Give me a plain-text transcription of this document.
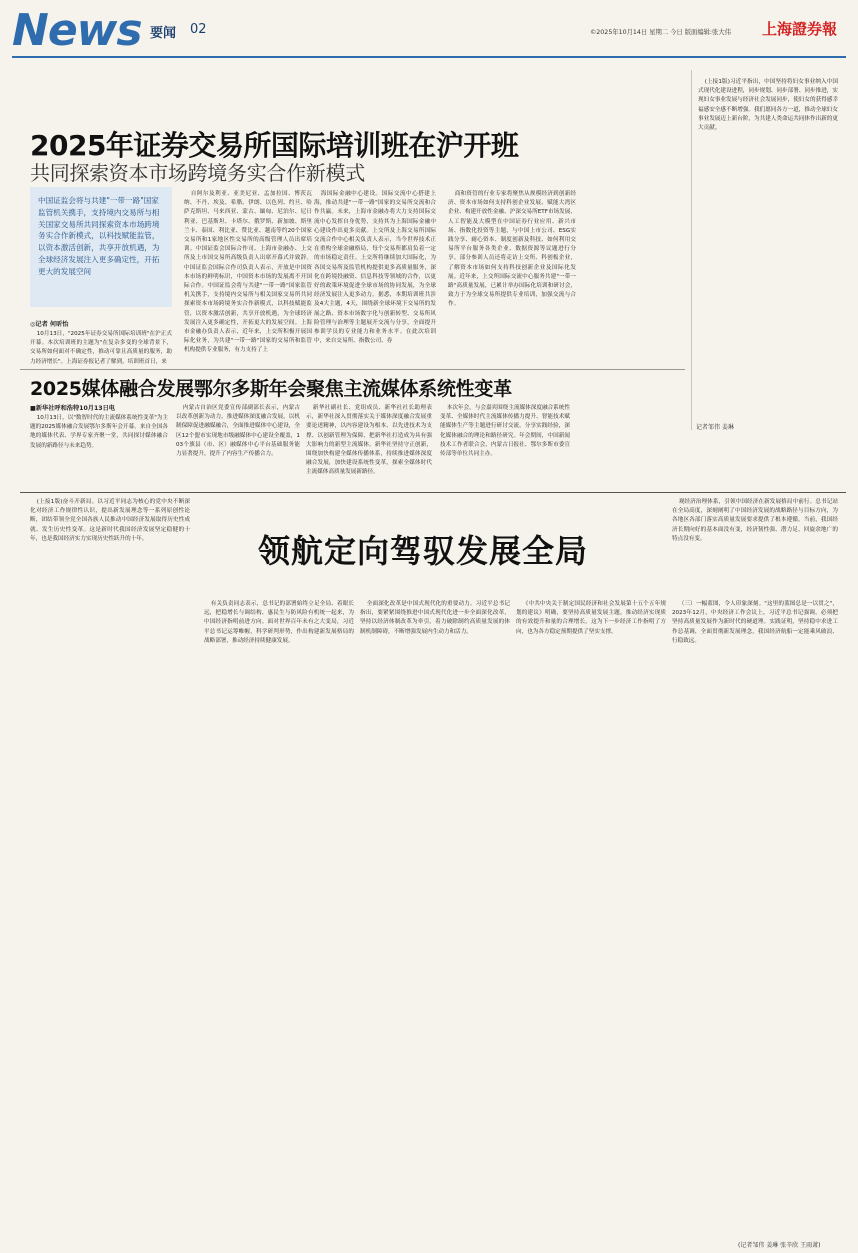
News 要闻 02	©2025年10月14日 星期二 今日 版面编辑:张大伟 上海證券報
2025年证券交易所国际培训班在沪开班
共同探索资本市场跨境务实合作新模式
中国证监会将与共建"一带一路"国家监管机关携手，支持境内交易所与相关国家交易所共同探索资本市场跨境务实合作新模式，以科技赋能监管，以资本激活创新，共享开放机遇，为全球经济发展注入更多确定性，开拓更大的发展空间
◎记者 何昕怡

10月13日，"2025年证券交易所国际培训班"在沪正式开幕。本次培训班的主题为"在复杂多变的全球背景下，交易所如何面对不确定性，推动可靠且高质量的服务，助力经济增长"。上海证券报记者了解到，培训班首日，来

自阿尔及利亚、亚美尼亚、孟加拉国、博茨瓦纳、不丹、埃及、希腊、伊朗、以色列、约旦、哈萨克斯坦、马来西亚、蒙古、缅甸、尼泊尔、尼日利亚、巴基斯坦、卡塔尔、俄罗斯、新加坡、斯里兰卡、泰国、利比亚、赞比亚、越南等约20个国家交易所和1家地区性交易所的高级管理人员出席培训。中国证监会国际合作司、上海市金融办、上交所及上市国交易所高级负责人出席开幕式并致辞。中国证监会国际合作司负责人表示，开放是中国资本市场的鲜明标识，中国资本市场的发展离不开国际合作。中国证监会将与共建"一带一路"国家监管机关携手，支持境内交易所与相关国家交易所共同探索资本市场跨境务实合作新模式，以科技赋能监管，以资本激活创新，共享开放机遇，为全球经济发展注入更多确定性，开拓更大的发展空间。上海市金融办负责人表示，近年来，上交所积极开展国际化业务，为共建"一带一路"国家的交易所和监管机构提供专业服务，有力支持了上

海国际金融中心建设。国际交流中心搭建上海，推动共建"一带一路"国家的交易所交流和合作共赢。未来，上海市金融办将大力支持国际交流中心发挥自身优势，支持其为上海国际金融中心建设作出更多贡献。上交所及上海交易所国际交流合作中心相关负责人表示，当今世界技术正在重构全球金融格局，每个交易所都肩负着一定的市场稳定责任。上交所将继续加大国际化，为各国交易所及监管机构提供更多高质量服务，深化在跨境投融资、信息科技等领域的合作，以更好的政策环境促进全球市场的协同发展，为全球经济发展注入更多动力。据悉，本期培训班共涉及4大主题，4天，围绕新全球环境下交易所的发展之路、资本市场数字化与创新转型、交易所风险管理与治理等主题展开交流与分享，全面提升参训学员的专业能力和业务水平。在此次培训中，来自交易所、指数公司、券

商和资管的行业专家将聚焦从规模经济到创新经济、资本市场如何支持科创企业发展、赋能大湾区企业、构建开放性金融、沪深交易所ETF市场发展、人工智能及大模型在中国证券行业应用、新兴市场、指数化投资等主题，与中国上市公司、ESG实践分享、耐心资本、制度创新及科技、如何利用交易所平台服务各类企业、数据资源等议题进行分享。部分参训人员还将走访上交所、科创板企业，了解资本市场如何支持科技创新企业及国际化发展。近年来，上交所国际交流中心服务共建"一带一路"高质量发展，已累计举办国际化培训和研讨会，致力于为全球交易所提供专业培训，加强交流与合作。

(上接1版)习近平指出，中国坚持将妇女事业纳入中国式现代化建设进程，同步规划、同步部署、同步推进，实现妇女事业发展与经济社会发展同步，使妇女的获得感幸福感安全感不断增强。我们愿同各方一道，推动全球妇女事业发展迈上新台阶，为共建人类命运共同体作出新的更大贡献。

记者邹伟 姜琳
2025媒体融合发展鄂尔多斯年会聚焦主流媒体系统性变革
■新华社呼和浩特10月13日电

10月13日，以"数智时代的主流媒体系统性变革"为主题的2025媒体融合发展鄂尔多斯年会开幕。来自全国各地的媒体代表、学界专家齐聚一堂，共同探讨媒体融合发展的新路径与未来趋势。

内蒙古自治区党委宣传部副部长表示，内蒙古以改革创新为动力，推进媒体深度融合发展，以机制保障促进融媒融合，全面推进媒体中心建设，全区12个盟市实现地市级融媒体中心建设全覆盖，103个旗县（市、区）融媒体中心平台基础服务能力显著提升，提升了内容生产传播合力。

新华社副社长、党组成员、新华社社长助理表示，新华社深入贯彻落实关于媒体深度融合发展重要论述精神，以内容建设为根本、以先进技术为支撑、以创新管理为保障，把新华社打造成为具有强大影响力的新型主流媒体。新华社坚持守正创新，围绕加快构建全媒体传播体系，持续推进媒体深度融合发展，加快建设系统性变革，探索全媒体时代主流媒体高质量发展新路径。

本次年会，与会嘉宾围绕主流媒体深度融合系统性变革、全媒体时代主流媒体传播力提升、智能技术赋能媒体生产等主题进行研讨交流，分享实践经验，深化媒体融合的理论和路径研究。年会期间，中国新闻技术工作者联合会、内蒙古日报社、鄂尔多斯市委宣传部等单位共同主办。

领航定向驾驭发展全局

(上接1版)奋斗开新局。以习近平同志为核心的党中央不断深化对经济工作规律性认识，提出新发展理念等一系列原创性论断，团结带领全党全国各族人民推动中国经济发展取得历史性成就、发生历史性变革。这是新时代我国经济发展坚定稳健的十年，也是我国经济实力实现历史性跃升的十年。

有关负责同志表示，总书记的部署始终立足全局、着眼长远，把稳增长与调结构、惠民生与防风险有机统一起来，为中国经济指明前进方向。面对世界百年未有之大变局，习近平总书记运筹帷幄，科学研判形势，作出构建新发展格局的战略部署，推动经济持续健康发展。

全面深化改革是中国式现代化的重要动力。习近平总书记指出，要紧紧围绕推进中国式现代化进一步全面深化改革，坚持以经济体制改革为牵引，着力破除制约高质量发展的体制机制障碍，不断增强发展内生动力和活力。

《中共中央关于制定国民经济和社会发展第十五个五年规划的建议》明确，要坚持高质量发展主题，推动经济实现质的有效提升和量的合理增长。这为下一步经济工作指明了方向，也为各方稳定预期提供了坚实支撑。

观经济治理体系，引领中国经济在新发展格局中前行。总书记站在全局高度，深刻阐明了中国经济发展的战略路径与目标方向，为各地区各部门落实高质量发展要求提供了根本遵循。当前，我国经济长期向好的基本面没有变，经济韧性强、潜力足、回旋余地广的特点没有变。

（三）一幅蓝图，令人印象深刻。"这里的蓝图总是一以贯之"，2023年12月，中央经济工作会议上，习近平总书记强调，必须把坚持高质量发展作为新时代的硬道理。实践证明，坚持稳中求进工作总基调，全面贯彻新发展理念，我国经济航船一定能乘风破浪、行稳致远。

(记者邹伟 姜琳 张辛欣 王雨萧)
